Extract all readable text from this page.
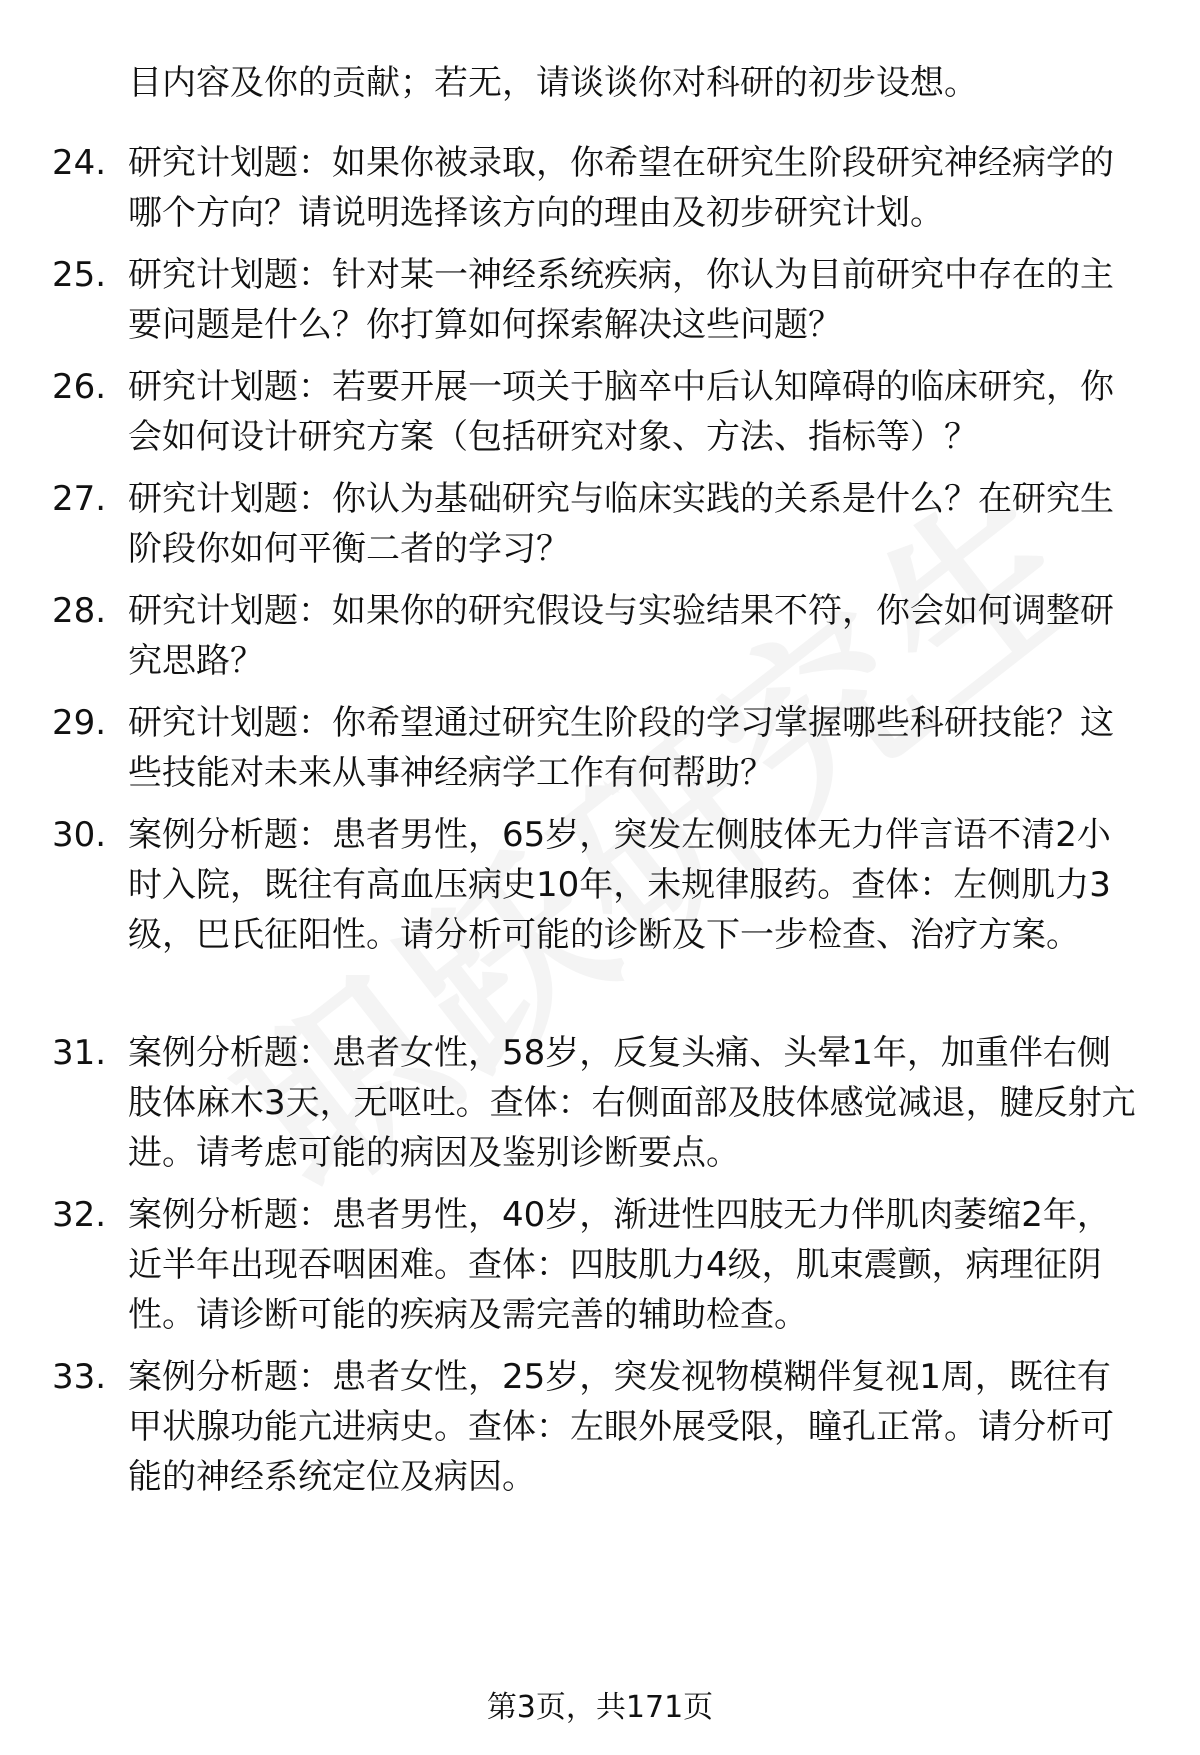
目内容及你的贡献；若无，请谈谈你对科研的初步设想。
24. 研究计划题：如果你被录取，你希望在研究生阶段研究神经病学的哪个方向？请说明选择该方向的理由及初步研究计划。
25. 研究计划题：针对某一神经系统疾病，你认为目前研究中存在的主要问题是什么？你打算如何探索解决这些问题？
26. 研究计划题：若要开展一项关于脑卒中后认知障碍的临床研究，你会如何设计研究方案（包括研究对象、方法、指标等）？
27. 研究计划题：你认为基础研究与临床实践的关系是什么？在研究生阶段你如何平衡二者的学习？
28. 研究计划题：如果你的研究假设与实验结果不符，你会如何调整研究思路？
29. 研究计划题：你希望通过研究生阶段的学习掌握哪些科研技能？这些技能对未来从事神经病学工作有何帮助？
30. 案例分析题：患者男性，65岁，突发左侧肢体无力伴言语不清2小时入院，既往有高血压病史10年，未规律服药。查体：左侧肌力3级，巴氏征阳性。请分析可能的诊断及下一步检查、治疗方案。
31. 案例分析题：患者女性，58岁，反复头痛、头晕1年，加重伴右侧肢体麻木3天，无呕吐。查体：右侧面部及肢体感觉减退，腱反射亢进。请考虑可能的病因及鉴别诊断要点。
32. 案例分析题：患者男性，40岁，渐进性四肢无力伴肌肉萎缩2年，近半年出现吞咽困难。查体：四肢肌力4级，肌束震颤，病理征阴性。请诊断可能的疾病及需完善的辅助检查。
33. 案例分析题：患者女性，25岁，突发视物模糊伴复视1周，既往有甲状腺功能亢进病史。查体：左眼外展受限，瞳孔正常。请分析可能的神经系统定位及病因。
第3页，共171页
